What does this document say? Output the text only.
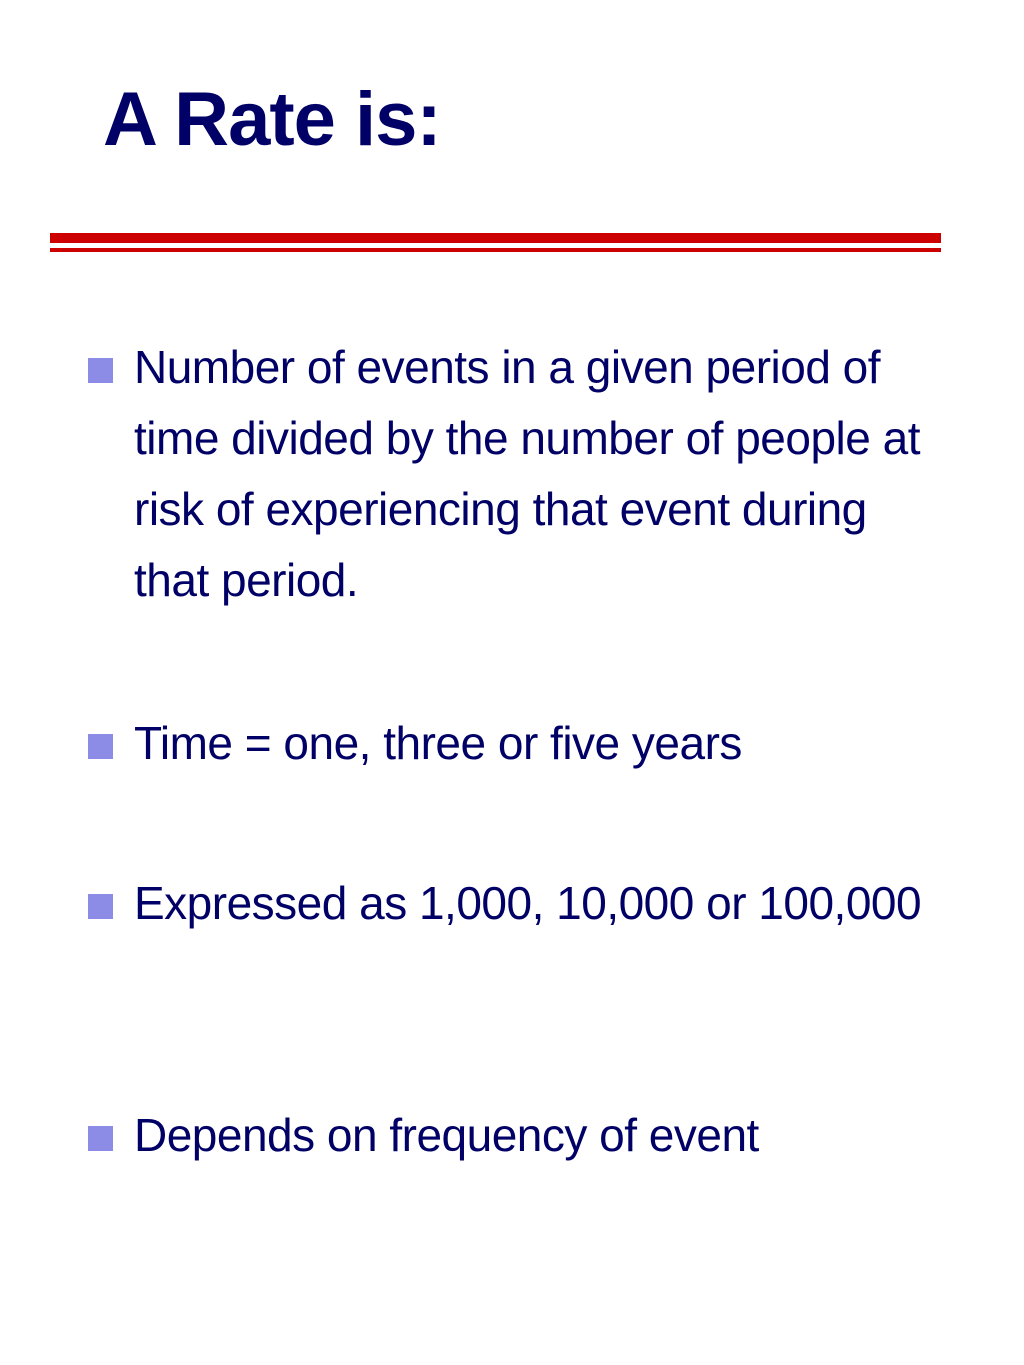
A Rate is:
Number of events in a given period of time divided by the number of people at risk of experiencing that event during that period.
Time = one, three or five years
Expressed as 1,000, 10,000 or 100,000
Depends on frequency of event
